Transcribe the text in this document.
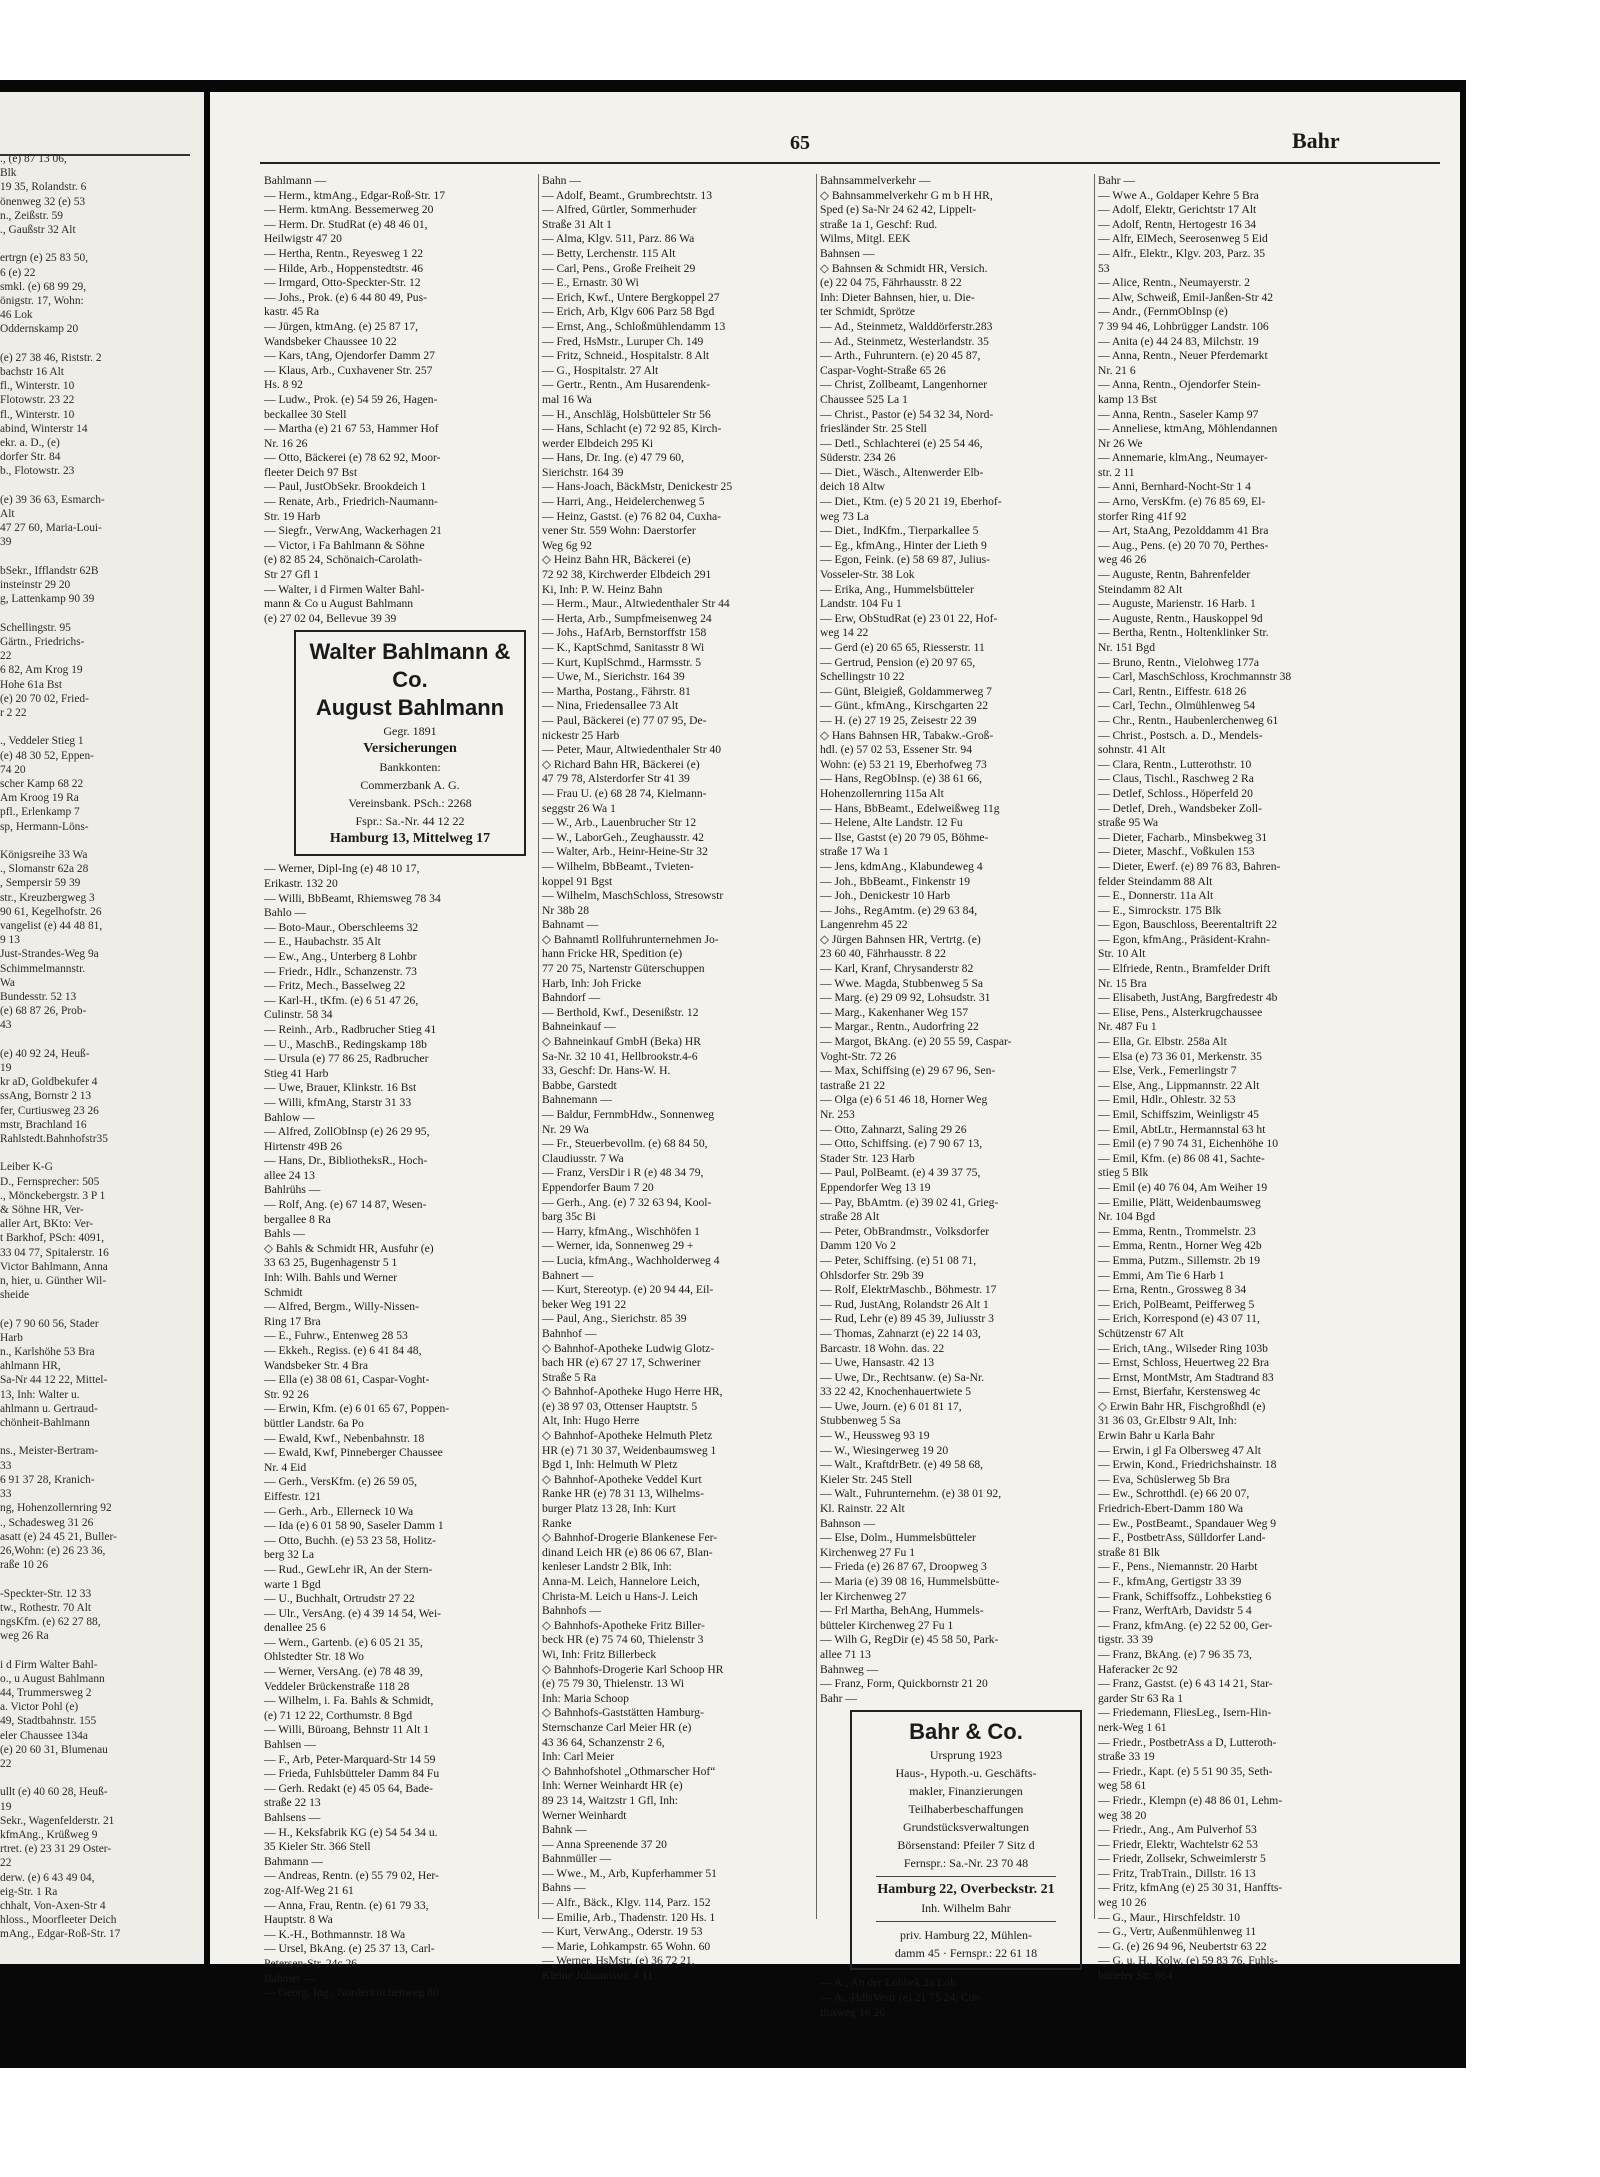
., (e) 87 13 06,
Blk
19 35, Rolandstr. 6
önenweg 32 (e) 53
n., Zeißstr. 59
., Gaußstr 32 Alt

ertrgn (e) 25 83 50,
6 (e) 22
smkl. (e) 68 99 29,
önigstr. 17, Wohn:
46 Lok
Oddernskamp 20

(e) 27 38 46, Riststr. 2
bachstr 16 Alt
fl., Winterstr. 10
Flotowstr. 23 22
fl., Winterstr. 10
abind, Winterstr 14
ekr. a. D., (e)
dorfer Str. 84
b., Flotowstr. 23

(e) 39 36 63, Esmarch-
Alt
47 27 60, Maria-Loui-
39

bSekr., Ifflandstr 62B
insteinstr 29 20
g, Lattenkamp 90 39

Schellingstr. 95
Gärtn., Friedrichs-
22
6 82, Am Krog 19
Hohe 61a Bst
(e) 20 70 02, Fried-
r 2 22

., Veddeler Stieg 1
(e) 48 30 52, Eppen-
74 20
scher Kamp 68 22
Am Kroog 19 Ra
pfl., Erlenkamp 7
sp, Hermann-Löns-

Königsreihe 33 Wa
., Slomanstr 62a 28
, Sempersir 59 39
str., Kreuzbergweg 3
90 61, Kegelhofstr. 26
vangelist (e) 44 48 81,
9 13
Just-Strandes-Weg 9a
Schimmelmannstr.
Wa
Bundesstr. 52 13
(e) 68 87 26, Prob-
43

(e) 40 92 24, Heuß-
19
kr aD, Goldbekufer 4
ssAng, Bornstr 2 13
fer, Curtiusweg 23 26
mstr, Brachland 16
Rahlstedt.Bahnhofstr35

Leiber K-G
D., Fernsprecher: 505
., Mönckebergstr. 3 P 1
& Söhne HR, Ver-
aller Art, BKto: Ver-
t Barkhof, PSch: 4091,
33 04 77, Spitalerstr. 16
Victor Bahlmann, Anna
n, hier, u. Günther Wil-
sheide

(e) 7 90 60 56, Stader
Harb
n., Karlshöhe 53 Bra
ahlmann HR,
Sa-Nr 44 12 22, Mittel-
13, Inh: Walter u.
ahlmann u. Gertraud-
chönheit-Bahlmann

ns., Meister-Bertram-
33
6 91 37 28, Kranich-
33
ng, Hohenzollernring 92
., Schadesweg 31 26
asatt (e) 24 45 21, Buller-
26,Wohn: (e) 26 23 36,
raße 10 26

-Speckter-Str. 12 33
tw., Rothestr. 70 Alt
ngsKfm. (e) 62 27 88,
weg 26 Ra

i d Firm Walter Bahl-
o., u August Bahlmann
44, Trummersweg 2
a. Victor Pohl (e)
49, Stadtbahnstr. 155
eler Chaussee 134a
(e) 20 60 31, Blumenau
22

ullt (e) 40 60 28, Heuß-
19
Sekr., Wagenfelderstr. 21
kfmAng., Krüßweg 9
rtret. (e) 23 31 29 Oster-
22
derw. (e) 6 43 49 04,
eig-Str. 1 Ra
chhalt, Von-Axen-Str 4
hloss., Moorfleeter Deich
mAng., Edgar-Roß-Str. 17
65	Bahr
Bahlmann —
— Herm., ktmAng., Edgar-Roß-Str. 17
— Herm. ktmAng. Bessemerweg 20
— Herm. Dr. StudRat (e) 48 46 01,
Heilwigstr 47 20
— Hertha, Rentn., Reyesweg 1 22
— Hilde, Arb., Hoppenstedtstr. 46
— Irmgard, Otto-Speckter-Str. 12
— Johs., Prok. (e) 6 44 80 49, Pus-
kastr. 45 Ra
— Jürgen, ktmAng. (e) 25 87 17,
Wandsbeker Chaussee 10 22
— Kars, tAng, Ojendorfer Damm 27
— Klaus, Arb., Cuxhavener Str. 257
Hs. 8 92
— Ludw., Prok. (e) 54 59 26, Hagen-
beckallee 30 Stell
— Martha (e) 21 67 53, Hammer Hof
Nr. 16 26
— Otto, Bäckerei (e) 78 62 92, Moor-
fleeter Deich 97 Bst
— Paul, JustObSekr. Brookdeich 1
— Renate, Arb., Friedrich-Naumann-
Str. 19 Harb
— Siegfr., VerwAng, Wackerhagen 21
— Victor, i Fa Bahlmann & Söhne
(e) 82 85 24, Schönaich-Carolath-
Str 27 Gfl 1
— Walter, i d Firmen Walter Bahl-
mann & Co u August Bahlmann
(e) 27 02 04, Bellevue 39 39
Walter Bahlmann & Co.
August Bahlmann
Gegr. 1891
Versicherungen
Bankkonten:
Commerzbank A. G.
Vereinsbank. PSch.: 2268
Fspr.: Sa.-Nr. 44 12 22
Hamburg 13, Mittelweg 17
— Werner, Dipl-Ing (e) 48 10 17,
Erikastr. 132 20
— Willi, BbBeamt, Rhiemsweg 78 34
Bahlo —
— Boto-Maur., Oberschleems 32
— E., Haubachstr. 35 Alt
— Ew., Ang., Unterberg 8 Lohbr
— Friedr., Hdlr., Schanzenstr. 73
— Fritz, Mech., Basselweg 22
— Karl-H., tKfm. (e) 6 51 47 26,
Culinstr. 58 34
— Reinh., Arb., Radbrucher Stieg 41
— U., MaschB., Redingskamp 18b
— Ursula (e) 77 86 25, Radbrucher
Stieg 41 Harb
— Uwe, Brauer, Klinkstr. 16 Bst
— Willi, kfmAng, Starstr 31 33
Bahlow —
— Alfred, ZollObInsp (e) 26 29 95,
Hirtenstr 49B 26
— Hans, Dr., BibliotheksR., Hoch-
allee 24 13
Bahlrühs —
— Rolf, Ang. (e) 67 14 87, Wesen-
bergallee 8 Ra
Bahls —
◇ Bahls & Schmidt HR, Ausfuhr (e)
33 63 25, Bugenhagenstr 5 1
Inh: Wilh. Bahls und Werner
Schmidt
— Alfred, Bergm., Willy-Nissen-
Ring 17 Bra
— E., Fuhrw., Entenweg 28 53
— Ekkeh., Regiss. (e) 6 41 84 48,
Wandsbeker Str. 4 Bra
— Ella (e) 38 08 61, Caspar-Voght-
Str. 92 26
— Erwin, Kfm. (e) 6 01 65 67, Poppen-
büttler Landstr. 6a Po
— Ewald, Kwf., Nebenbahnstr. 18
— Ewald, Kwf, Pinneberger Chaussee
Nr. 4 Eid
— Gerh., VersKfm. (e) 26 59 05,
Eiffestr. 121
— Gerh., Arb., Ellerneck 10 Wa
— Ida (e) 6 01 58 90, Saseler Damm 1
— Otto, Buchh. (e) 53 23 58, Holitz-
berg 32 La
— Rud., GewLehr iR, An der Stern-
warte 1 Bgd
— U., Buchhalt, Ortrudstr 27 22
— Ulr., VersAng. (e) 4 39 14 54, Wei-
denallee 25 6
— Wern., Gartenb. (e) 6 05 21 35,
Ohlstedter Str. 18 Wo
— Werner, VersAng. (e) 78 48 39,
Veddeler Brückenstraße 118 28
— Wilhelm, i. Fa. Bahls & Schmidt,
(e) 71 12 22, Corthumstr. 8 Bgd
— Willi, Büroang, Behnstr 11 Alt 1
Bahlsen —
— F., Arb, Peter-Marquard-Str 14 59
— Frieda, Fuhlsbütteler Damm 84 Fu
— Gerh. Redakt (e) 45 05 64, Bade-
straße 22 13
Bahlsens —
— H., Keksfabrik KG (e) 54 54 34 u.
35 Kieler Str. 366 Stell
Bahmann —
— Andreas, Rentn. (e) 55 79 02, Her-
zog-Alf-Weg 21 61
— Anna, Frau, Rentn. (e) 61 79 33,
Hauptstr. 8 Wa
— K.-H., Bothmannstr. 18 Wa
— Ursel, BkAng. (e) 25 37 13, Carl-
Petersen-Str. 24c 26
Bahmer —
— Georg, Ing., Norderkirchenweg 80
Bahn —
— Adolf, Beamt., Grumbrechtstr. 13
— Alfred, Gürtler, Sommerhuder
Straße 31 Alt 1
— Alma, Klgv. 511, Parz. 86 Wa
— Betty, Lerchenstr. 115 Alt
— Carl, Pens., Große Freiheit 29
— E., Ernastr. 30 Wi
— Erich, Kwf., Untere Bergkoppel 27
— Erich, Arb, Klgv 606 Parz 58 Bgd
— Ernst, Ang., Schloßmühlendamm 13
— Fred, HsMstr., Luruper Ch. 149
— Fritz, Schneid., Hospitalstr. 8 Alt
— G., Hospitalstr. 27 Alt
— Gertr., Rentn., Am Husarendenk-
mal 16 Wa
— H., Anschläg, Holsbütteler Str 56
— Hans, Schlacht (e) 72 92 85, Kirch-
werder Elbdeich 295 Ki
— Hans, Dr. Ing. (e) 47 79 60,
Sierichstr. 164 39
— Hans-Joach, BäckMstr, Denickestr 25
— Harri, Ang., Heidelerchenweg 5
— Heinz, Gastst. (e) 76 82 04, Cuxha-
vener Str. 559 Wohn: Daerstorfer
Weg 6g 92
◇ Heinz Bahn HR, Bäckerei (e)
72 92 38, Kirchwerder Elbdeich 291
Ki, Inh: P. W. Heinz Bahn
— Herm., Maur., Altwiedenthaler Str 44
— Herta, Arb., Sumpfmeisenweg 24
— Johs., HafArb, Bernstorffstr 158
— K., KaptSchmd, Sanitasstr 8 Wi
— Kurt, KuplSchmd., Harmsstr. 5
— Uwe, M., Sierichstr. 164 39
— Martha, Postang., Fährstr. 81
— Nina, Friedensallee 73 Alt
— Paul, Bäckerei (e) 77 07 95, De-
nickestr 25 Harb
— Peter, Maur, Altwiedenthaler Str 40
◇ Richard Bahn HR, Bäckerei (e)
47 79 78, Alsterdorfer Str 41 39
— Frau U. (e) 68 28 74, Kielmann-
seggstr 26 Wa 1
— W., Arb., Lauenbrucher Str 12
— W., LaborGeh., Zeughausstr. 42
— Walter, Arb., Heinr-Heine-Str 32
— Wilhelm, BbBeamt., Tvieten-
koppel 91 Bgst
— Wilhelm, MaschSchloss, Stresowstr
Nr 38b 28
Bahnamt —
◇ Bahnamtl Rollfuhrunternehmen Jo-
hann Fricke HR, Spedition (e)
77 20 75, Nartenstr Güterschuppen
Harb, Inh: Joh Fricke
Bahndorf —
— Berthold, Kwf., Desenißstr. 12
Bahneinkauf —
◇ Bahneinkauf GmbH (Beka) HR
Sa-Nr. 32 10 41, Hellbrookstr.4-6
33, Geschf: Dr. Hans-W. H.
Babbe, Garstedt
Bahnemann —
— Baldur, FernmbHdw., Sonnenweg
Nr. 29 Wa
— Fr., Steuerbevollm. (e) 68 84 50,
Claudiusstr. 7 Wa
— Franz, VersDir i R (e) 48 34 79,
Eppendorfer Baum 7 20
— Gerh., Ang. (e) 7 32 63 94, Kool-
barg 35c Bi
— Harry, kfmAng., Wischhöfen 1
— Werner, ida, Sonnenweg 29 +
— Lucia, kfmAng., Wachholderweg 4
Bahnert —
— Kurt, Stereotyp. (e) 20 94 44, Eil-
beker Weg 191 22
— Paul, Ang., Sierichstr. 85 39
Bahnhof —
◇ Bahnhof-Apotheke Ludwig Glotz-
bach HR (e) 67 27 17, Schweriner
Straße 5 Ra
◇ Bahnhof-Apotheke Hugo Herre HR,
(e) 38 97 03, Ottenser Hauptstr. 5
Alt, Inh: Hugo Herre
◇ Bahnhof-Apotheke Helmuth Pletz
HR (e) 71 30 37, Weidenbaumsweg 1
Bgd 1, Inh: Helmuth W Pletz
◇ Bahnhof-Apotheke Veddel Kurt
Ranke HR (e) 78 31 13, Wilhelms-
burger Platz 13 28, Inh: Kurt
Ranke
◇ Bahnhof-Drogerie Blankenese Fer-
dinand Leich HR (e) 86 06 67, Blan-
kenleser Landstr 2 Blk, Inh:
Anna-M. Leich, Hannelore Leich,
Christa-M. Leich u Hans-J. Leich
Bahnhofs —
◇ Bahnhofs-Apotheke Fritz Biller-
beck HR (e) 75 74 60, Thielenstr 3
Wi, Inh: Fritz Billerbeck
◇ Bahnhofs-Drogerie Karl Schoop HR
(e) 75 79 30, Thielenstr. 13 Wi
Inh: Maria Schoop
◇ Bahnhofs-Gaststätten Hamburg-
Sternschanze Carl Meier HR (e)
43 36 64, Schanzenstr 2 6,
Inh: Carl Meier
◇ Bahnhofshotel „Othmarscher Hof“
Inh: Werner Weinhardt HR (e)
89 23 14, Waitzstr 1 Gfl, Inh:
Werner Weinhardt
Bahnk —
— Anna Spreenende 37 20
Bahnmüller —
— Wwe., M., Arb, Kupferhammer 51
Bahns —
— Alfr., Bäck., Klgv. 114, Parz. 152
— Emilie, Arb., Thadenstr. 120 Hs. 1
— Kurt, VerwAng., Oderstr. 19 53
— Marie, Lohkampstr. 65 Wohn. 60
— Werner, HsMstr. (e) 36 72 21,
Kleine Johannisstr. 4 11
Bahnsammelverkehr —
◇ Bahnsammelverkehr G m b H HR,
Sped (e) Sa-Nr 24 62 42, Lippelt-
straße 1a 1, Geschf: Rud.
Wilms, Mitgl. EEK
Bahnsen —
◇ Bahnsen & Schmidt HR, Versich.
(e) 22 04 75, Fährhausstr. 8 22
Inh: Dieter Bahnsen, hier, u. Die-
ter Schmidt, Sprötze
— Ad., Steinmetz, Walddörferstr.283
— Ad., Steinmetz, Westerlandstr. 35
— Arth., Fuhruntern. (e) 20 45 87,
Caspar-Voght-Straße 65 26
— Christ, Zollbeamt, Langenhorner
Chaussee 525 La 1
— Christ., Pastor (e) 54 32 34, Nord-
friesländer Str. 25 Stell
— Detl., Schlachterei (e) 25 54 46,
Süderstr. 234 26
— Diet., Wäsch., Altenwerder Elb-
deich 18 Altw
— Diet., Ktm. (e) 5 20 21 19, Eberhof-
weg 73 La
— Diet., IndKfm., Tierparkallee 5
— Eg., kfmAng., Hinter der Lieth 9
— Egon, Feink. (e) 58 69 87, Julius-
Vosseler-Str. 38 Lok
— Erika, Ang., Hummelsbütteler
Landstr. 104 Fu 1
— Erw, ObStudRat (e) 23 01 22, Hof-
weg 14 22
— Gerd (e) 20 65 65, Riesserstr. 11
— Gertrud, Pension (e) 20 97 65,
Schellingstr 10 22
— Günt, Bleigieß, Goldammerweg 7
— Günt., kfmAng., Kirschgarten 22
— H. (e) 27 19 25, Zeisestr 22 39
◇ Hans Bahnsen HR, Tabakw.-Groß-
hdl. (e) 57 02 53, Essener Str. 94
Wohn: (e) 53 21 19, Eberhofweg 73
— Hans, RegObInsp. (e) 38 61 66,
Hohenzollernring 115a Alt
— Hans, BbBeamt., Edelweißweg 11g
— Helene, Alte Landstr. 12 Fu
— Ilse, Gastst (e) 20 79 05, Böhme-
straße 17 Wa 1
— Jens, kdmAng., Klabundeweg 4
— Joh., BbBeamt., Finkenstr 19
— Joh., Denickestr 10 Harb
— Johs., RegAmtm. (e) 29 63 84,
Langenrehm 45 22
◇ Jürgen Bahnsen HR, Vertrtg. (e)
23 60 40, Fährhausstr. 8 22
— Karl, Kranf, Chrysanderstr 82
— Wwe. Magda, Stubbenweg 5 Sa
— Marg. (e) 29 09 92, Lohsudstr. 31
— Marg., Kakenhaner Weg 157
— Margar., Rentn., Audorfring 22
— Margot, BkAng. (e) 20 55 59, Caspar-
Voght-Str. 72 26
— Max, Schiffsing (e) 29 67 96, Sen-
tastraße 21 22
— Olga (e) 6 51 46 18, Horner Weg
Nr. 253
— Otto, Zahnarzt, Saling 29 26
— Otto, Schiffsing. (e) 7 90 67 13,
Stader Str. 123 Harb
— Paul, PolBeamt. (e) 4 39 37 75,
Eppendorfer Weg 13 19
— Pay, BbAmtm. (e) 39 02 41, Grieg-
straße 28 Alt
— Peter, ObBrandmstr., Volksdorfer
Damm 120 Vo 2
— Peter, Schiffsing. (e) 51 08 71,
Ohlsdorfer Str. 29b 39
— Rolf, ElektrMaschb., Böhmestr. 17
— Rud, JustAng, Rolandstr 26 Alt 1
— Rud, Lehr (e) 89 45 39, Juliusstr 3
— Thomas, Zahnarzt (e) 22 14 03,
Barcastr. 18 Wohn. das. 22
— Uwe, Hansastr. 42 13
— Uwe, Dr., Rechtsanw. (e) Sa-Nr.
33 22 42, Knochenhauertwiete 5
— Uwe, Journ. (e) 6 01 81 17,
Stubbenweg 5 Sa
— W., Heussweg 93 19
— W., Wiesingerweg 19 20
— Walt., KraftdrBetr. (e) 49 58 68,
Kieler Str. 245 Stell
— Walt., Fuhrunternehm. (e) 38 01 92,
Kl. Rainstr. 22 Alt
Bahnson —
— Else, Dolm., Hummelsbütteler
Kirchenweg 27 Fu 1
— Frieda (e) 26 87 67, Droopweg 3
— Maria (e) 39 08 16, Hummelsbütte-
ler Kirchenweg 27
— Frl Martha, BehAng, Hummels-
bütteler Kirchenweg 27 Fu 1
— Wilh G, RegDir (e) 45 58 50, Park-
allee 71 13
Bahnweg —
— Franz, Form, Quickbornstr 21 20
Bahr —
Bahr & Co.
Ursprung 1923
Haus-, Hypoth.-u. Geschäfts-
makler, Finanzierungen
Teilhaberbeschaffungen
Grundstücksverwaltungen
Börsenstand: Pfeiler 7 Sitz d
Fernspr.: Sa.-Nr. 23 70 48
Hamburg 22, Overbeckstr. 21
Inh. Wilhelm Bahr
priv. Hamburg 22, Mühlen-
damm 45 · Fernspr.: 22 61 18
— A., An der Lohbek 2a Lok
— A., HdlsVertr (e) 21 75 24, Cur-
tiusweg 16 26
Bahr —
— Wwe A., Goldaper Kehre 5 Bra
— Adolf, Elektr, Gerichtstr 17 Alt
— Adolf, Rentn, Hertogestr 16 34
— Alfr, ElMech, Seerosenweg 5 Eid
— Alfr., Elektr., Klgv. 203, Parz. 35
53
— Alice, Rentn., Neumayerstr. 2
— Alw, Schweiß, Emil-Janßen-Str 42
— Andr., (FernmObInsp (e)
7 39 94 46, Lohbrügger Landstr. 106
— Anita (e) 44 24 83, Milchstr. 19
— Anna, Rentn., Neuer Pferdemarkt
Nr. 21 6
— Anna, Rentn., Ojendorfer Stein-
kamp 13 Bst
— Anna, Rentn., Saseler Kamp 97
— Anneliese, ktmAng, Möhlendannen
Nr 26 We
— Annemarie, klmAng., Neumayer-
str. 2 11
— Anni, Bernhard-Nocht-Str 1 4
— Arno, VersKfm. (e) 76 85 69, El-
storfer Ring 41f 92
— Art, StaAng, Pezolddamm 41 Bra
— Aug., Pens. (e) 20 70 70, Perthes-
weg 46 26
— Auguste, Rentn, Bahrenfelder
Steindamm 82 Alt
— Auguste, Marienstr. 16 Harb. 1
— Auguste, Rentn., Hauskoppel 9d
— Bertha, Rentn., Holtenklinker Str.
Nr. 151 Bgd
— Bruno, Rentn., Vielohweg 177a
— Carl, MaschSchloss, Krochmannstr 38
— Carl, Rentn., Eiffestr. 618 26
— Carl, Techn., Olmühlenweg 54
— Chr., Rentn., Haubenlerchenweg 61
— Christ., Postsch. a. D., Mendels-
sohnstr. 41 Alt
— Clara, Rentn., Lutterothstr. 10
— Claus, Tischl., Raschweg 2 Ra
— Detlef, Schloss., Höperfeld 20
— Detlef, Dreh., Wandsbeker Zoll-
straße 95 Wa
— Dieter, Facharb., Minsbekweg 31
— Dieter, Maschf., Voßkulen 153
— Dieter, Ewerf. (e) 89 76 83, Bahren-
felder Steindamm 88 Alt
— E., Donnerstr. 11a Alt
— E., Simrockstr. 175 Blk
— Egon, Bauschloss, Beerentaltrift 22
— Egon, kfmAng., Präsident-Krahn-
Str. 10 Alt
— Elfriede, Rentn., Bramfelder Drift
Nr. 15 Bra
— Elisabeth, JustAng, Bargfredestr 4b
— Elise, Pens., Alsterkrugchaussee
Nr. 487 Fu 1
— Ella, Gr. Elbstr. 258a Alt
— Elsa (e) 73 36 01, Merkenstr. 35
— Else, Verk., Femerlingstr 7
— Else, Ang., Lippmannstr. 22 Alt
— Emil, Hdlr., Ohlestr. 32 53
— Emil, Schiffszim, Weinligstr 45
— Emil, AbtLtr., Hermannstal 63 ht
— Emil (e) 7 90 74 31, Eichenhöhe 10
— Emil, Kfm. (e) 86 08 41, Sachte-
stieg 5 Blk
— Emil (e) 40 76 04, Am Weiher 19
— Emilie, Plätt, Weidenbaumsweg
Nr. 104 Bgd
— Emma, Rentn., Trommelstr. 23
— Emma, Rentn., Horner Weg 42b
— Emma, Putzm., Sillemstr. 2b 19
— Emmi, Am Tie 6 Harb 1
— Erna, Rentn., Grossweg 8 34
— Erich, PolBeamt, Peifferweg 5
— Erich, Korrespond (e) 43 07 11,
Schützenstr 67 Alt
— Erich, tAng., Wilseder Ring 103b
— Ernst, Schloss, Heuertweg 22 Bra
— Ernst, MontMstr, Am Stadtrand 83
— Ernst, Bierfahr, Kerstensweg 4c
◇ Erwin Bahr HR, Fischgroßhdl (e)
31 36 03, Gr.Elbstr 9 Alt, Inh:
Erwin Bahr u Karla Bahr
— Erwin, i gl Fa Olbersweg 47 Alt
— Erwin, Kond., Friedrichshainstr. 18
— Eva, Schüslerweg 5b Bra
— Ew., Schrotthdl. (e) 66 20 07,
Friedrich-Ebert-Damm 180 Wa
— Ew., PostBeamt., Spandauer Weg 9
— F., PostbetrAss, Sülldorfer Land-
straße 81 Blk
— F., Pens., Niemannstr. 20 Harbt
— F., kfmAng, Gertigstr 33 39
— Frank, Schiffsoffz., Lohbekstieg 6
— Franz, WerftArb, Davidstr 5 4
— Franz, kfmAng. (e) 22 52 00, Ger-
tigstr. 33 39
— Franz, BkAng. (e) 7 96 35 73,
Haferacker 2c 92
— Franz, Gastst. (e) 6 43 14 21, Star-
garder Str 63 Ra 1
— Friedemann, FliesLeg., Isern-Hin-
nerk-Weg 1 61
— Friedr., PostbetrAss a D, Lutteroth-
straße 33 19
— Friedr., Kapt. (e) 5 51 90 35, Seth-
weg 58 61
— Friedr., Klempn (e) 48 86 01, Lehm-
weg 38 20
— Friedr., Ang., Am Pulverhof 53
— Friedr, Elektr, Wachtelstr 62 53
— Friedr, Zollsekr, Schweimlerstr 5
— Fritz, TrabTrain., Dillstr. 16 13
— Fritz, kfmAng (e) 25 30 31, Hanffts-
weg 10 26
— G., Maur., Hirschfeldstr. 10
— G., Vertr, Außenmühlenweg 11
— G. (e) 26 94 96, Neubertstr 63 22
— G. u. H., Kolw. (e) 59 83 76, Fuhls-
bütteler Str. 664
